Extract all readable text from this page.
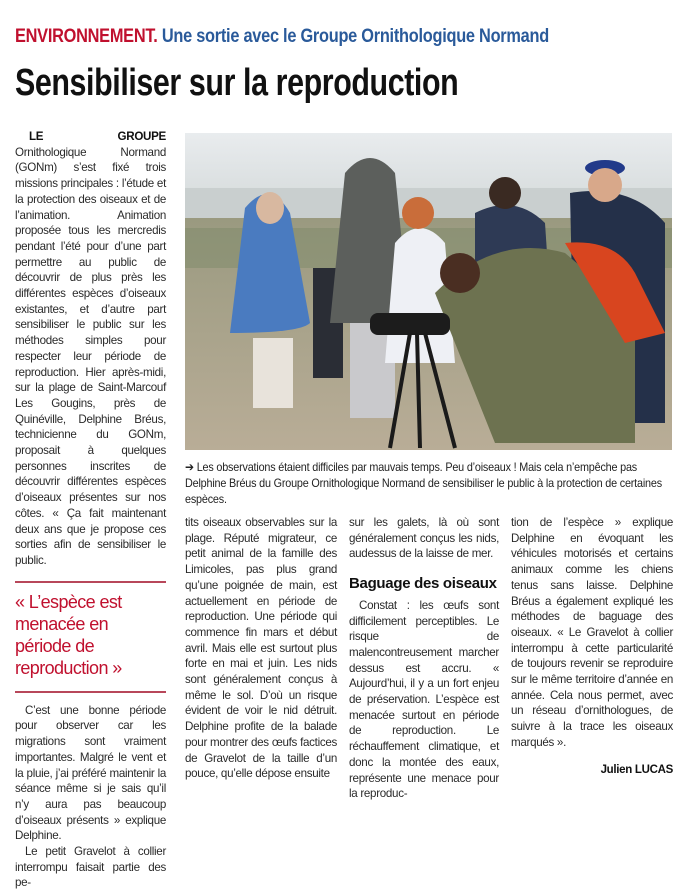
ENVIRONNEMENT. Une sortie avec le Groupe Ornithologique Normand
Sensibiliser sur la reproduction

LE GROUPE Ornithologique Normand (GONm) s’est fixé trois missions principales : l’étude et la protection des oiseaux et de l’animation. Animation proposée tous les mercredis pendant l’été pour d’une part permettre au public de découvrir de plus près les différentes espèces d’oiseaux existantes, et d’autre part sensibiliser le public sur les méthodes simples pour respecter leur période de reproduction. Hier après-midi, sur la plage de Saint-Marcouf Les Gougins, près de Quinéville, Delphine Bréus, technicienne du GONm, proposait à quelques personnes inscrites de découvrir différentes espèces d’oiseaux présentes sur nos côtes. « Ça fait maintenant deux ans que je propose ces sorties afin de sensibiliser le public.

« L’espèce est menacée en période de reproduction »

C’est une bonne période pour observer car les migrations sont vraiment importantes. Malgré le vent et la pluie, j’ai préféré maintenir la séance même si je sais qu’il n’y aura pas beaucoup d’oiseaux présents » explique Delphine.

Le petit Gravelot à collier interrompu faisait partie des pe-

➔ Les observations étaient difficiles par mauvais temps. Peu d’oiseaux ! Mais cela n’empêche pas Delphine Bréus du Groupe Ornithologique Normand de sensibiliser le public à la protection de certaines espèces.

tits oiseaux observables sur la plage. Réputé migrateur, ce petit animal de la famille des Limicoles, pas plus grand qu’une poignée de main, est actuellement en période de reproduction. Une période qui commence fin mars et début avril. Mais elle est surtout plus forte en mai et juin. Les nids sont généralement conçus à même le sol. D’où un risque évident de voir le nid détruit. Delphine profite de la balade pour montrer des œufs factices de Gravelot de la taille d’un pouce, qu’elle dépose ensuite

sur les galets, là où sont généralement conçus les nids, audessus de la laisse de mer.

Baguage des oiseaux

Constat : les œufs sont difficilement perceptibles. Le risque de malencontreusement marcher dessus est accru. « Aujourd’hui, il y a un fort enjeu de préservation. L’espèce est menacée surtout en période de reproduction. Le réchauffement climatique, et donc la montée des eaux, représente une menace pour la reproduc-

tion de l’espèce » explique Delphine en évoquant les véhicules motorisés et certains animaux comme les chiens tenus sans laisse. Delphine Bréus a également expliqué les méthodes de baguage des oiseaux. « Le Gravelot à collier interrompu à cette particularité de toujours revenir se reproduire sur le même territoire d’année en année. Cela nous permet, avec un réseau d’ornithologues, de suivre à la trace les oiseaux marqués ».

Julien LUCAS
